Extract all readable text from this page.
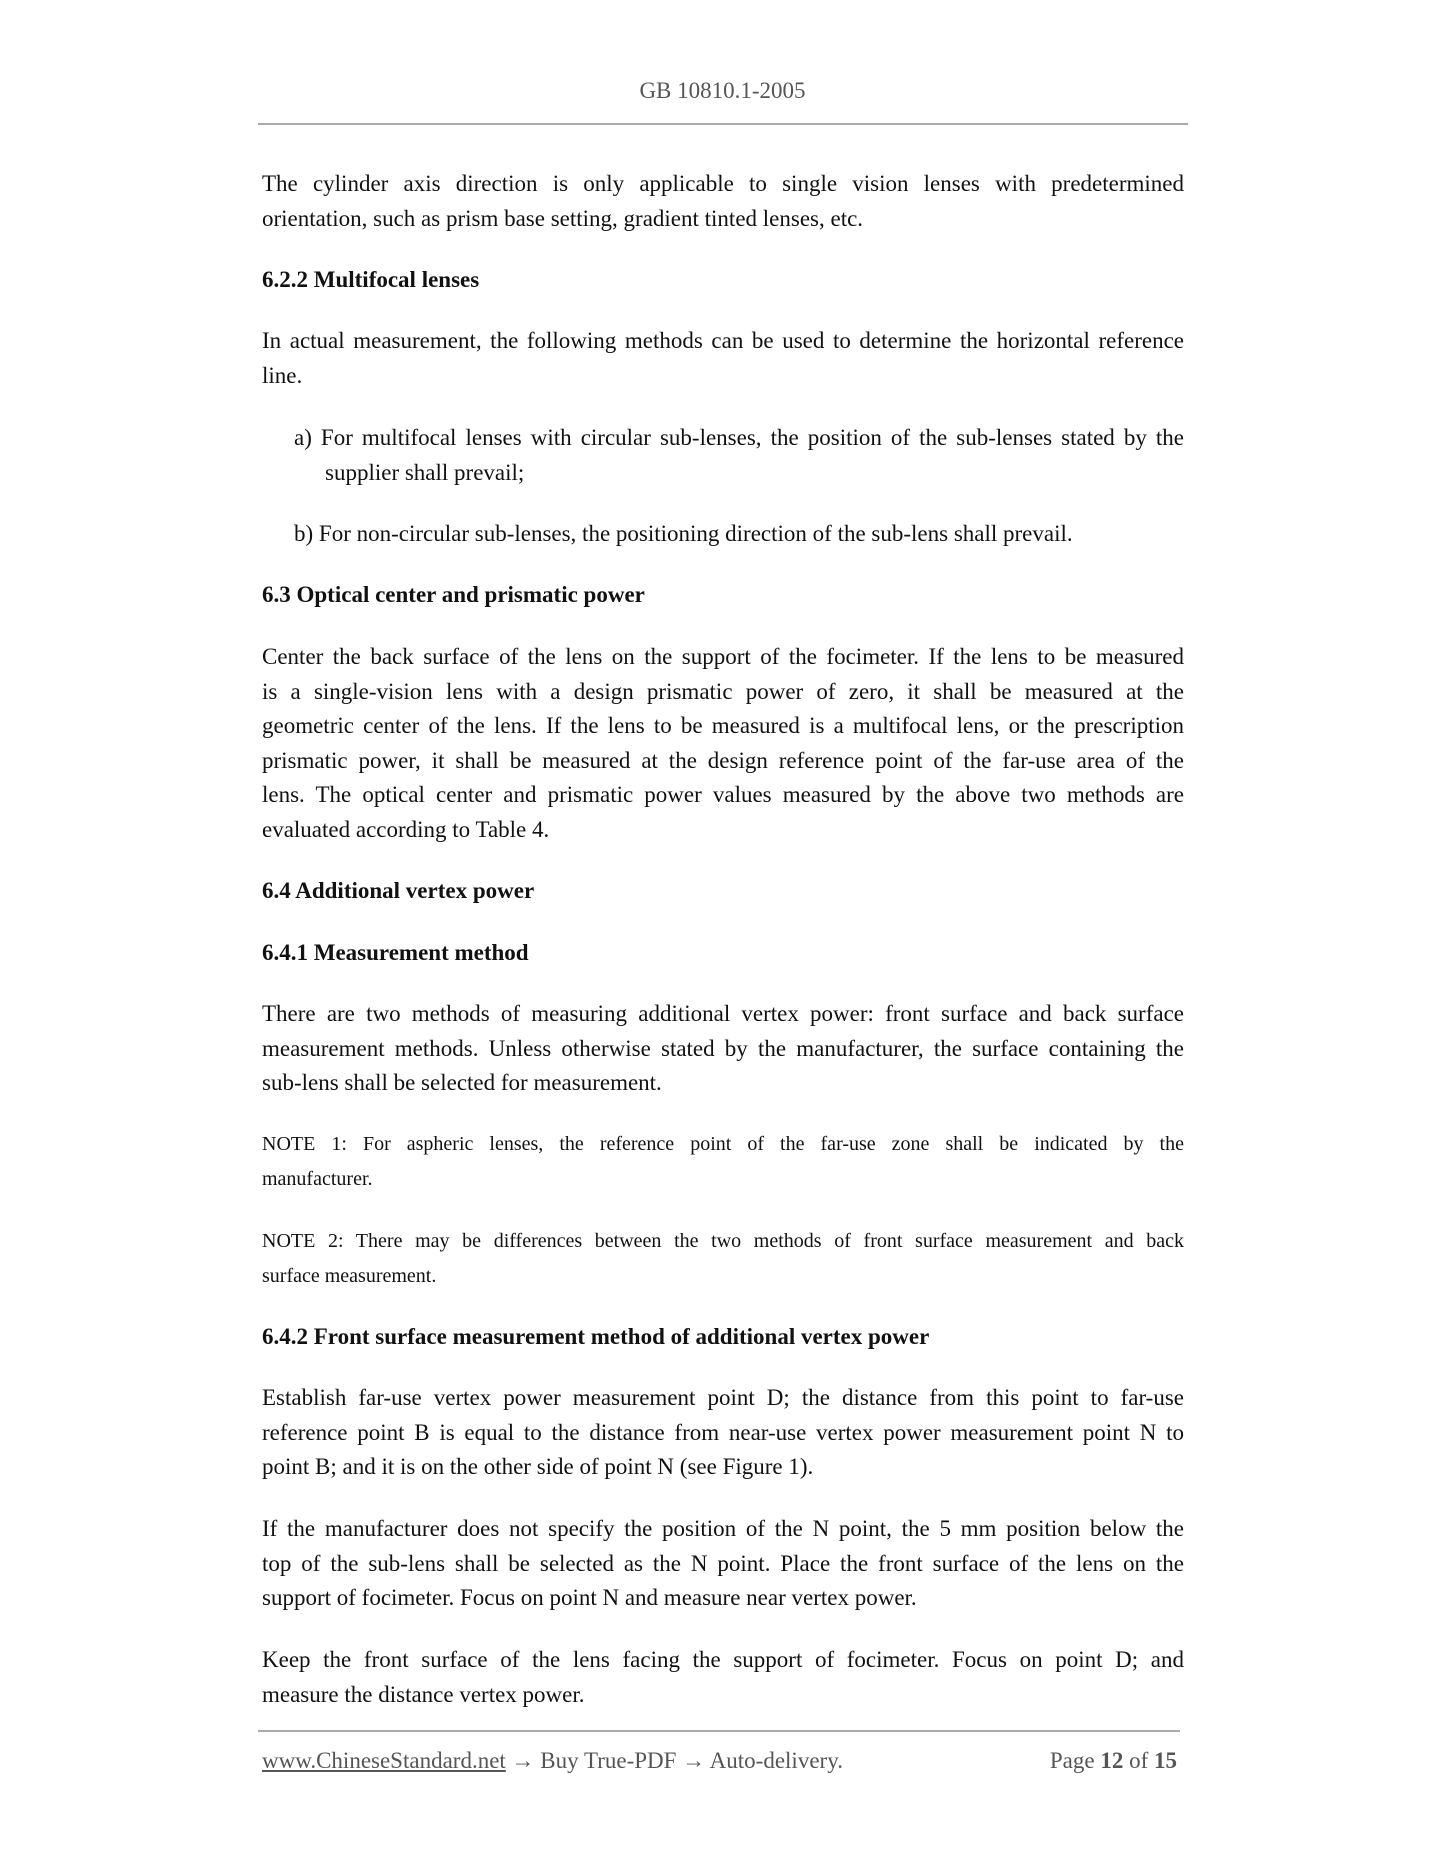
GB 10810.1-2005
The cylinder axis direction is only applicable to single vision lenses with predetermined
orientation, such as prism base setting, gradient tinted lenses, etc.
6.2.2 Multifocal lenses
In actual measurement, the following methods can be used to determine the horizontal reference
line.
a) For multifocal lenses with circular sub-lenses, the position of the sub-lenses stated by the
supplier shall prevail;
b) For non-circular sub-lenses, the positioning direction of the sub-lens shall prevail.
6.3 Optical center and prismatic power
Center the back surface of the lens on the support of the focimeter. If the lens to be measured
is a single-vision lens with a design prismatic power of zero, it shall be measured at the
geometric center of the lens. If the lens to be measured is a multifocal lens, or the prescription
prismatic power, it shall be measured at the design reference point of the far-use area of the
lens. The optical center and prismatic power values measured by the above two methods are
evaluated according to Table 4.
6.4 Additional vertex power
6.4.1 Measurement method
There are two methods of measuring additional vertex power: front surface and back surface
measurement methods. Unless otherwise stated by the manufacturer, the surface containing the
sub-lens shall be selected for measurement.
NOTE 1: For aspheric lenses, the reference point of the far-use zone shall be indicated by the
manufacturer.
NOTE 2: There may be differences between the two methods of front surface measurement and back
surface measurement.
6.4.2 Front surface measurement method of additional vertex power
Establish far-use vertex power measurement point D; the distance from this point to far-use
reference point B is equal to the distance from near-use vertex power measurement point N to
point B; and it is on the other side of point N (see Figure 1).
If the manufacturer does not specify the position of the N point, the 5 mm position below the
top of the sub-lens shall be selected as the N point. Place the front surface of the lens on the
support of focimeter. Focus on point N and measure near vertex power.
Keep the front surface of the lens facing the support of focimeter. Focus on point D; and
measure the distance vertex power.
www.ChineseStandard.net → Buy True-PDF → Auto-delivery.	Page 12 of 15
